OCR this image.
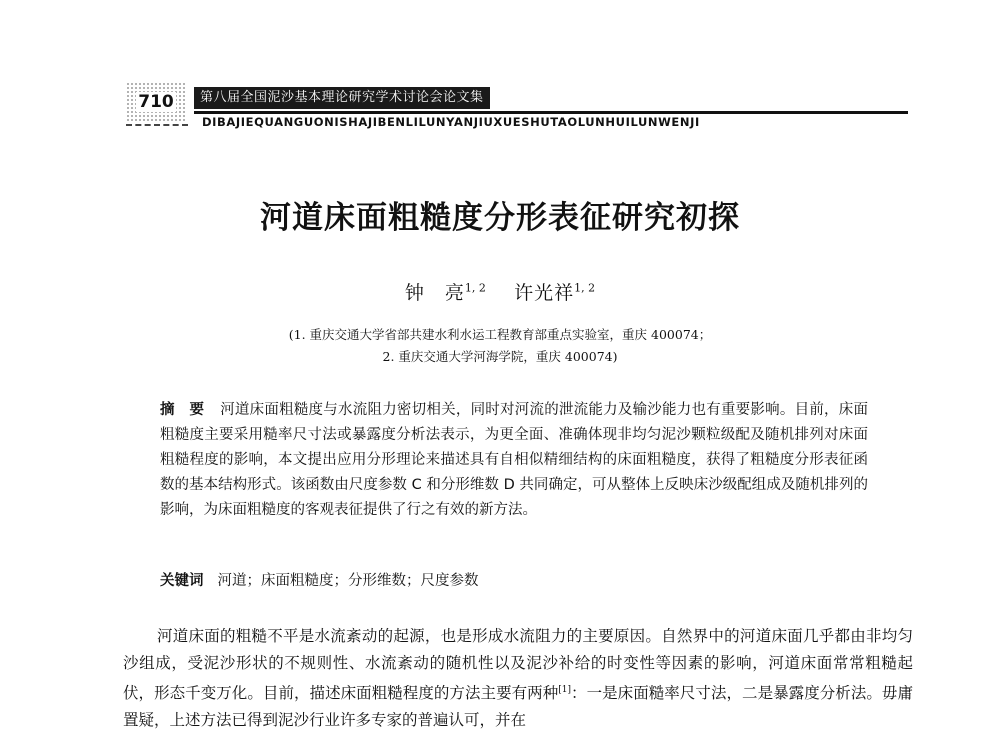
710	第八届全国泥沙基本理论研究学术讨论会论文集
DIBAJIEQUANGUONISHAJIBENLILUNYANJIUXUESHUTAOLUNHUILUNWENJI
河道床面粗糙度分形表征研究初探
钟　亮$^{1, 2}$ 许光祥$^{1, 2}$
(1. 重庆交通大学省部共建水利水运工程教育部重点实验室，重庆 400074；
2. 重庆交通大学河海学院，重庆 400074)
摘　要 河道床面粗糙度与水流阻力密切相关，同时对河流的泄流能力及输沙能力也有重要影响。目前，床面粗糙度主要采用糙率尺寸法或暴露度分析法表示，为更全面、准确体现非均匀泥沙颗粒级配及随机排列对床面粗糙程度的影响，本文提出应用分形理论来描述具有自相似精细结构的床面粗糙度，获得了粗糙度分形表征函数的基本结构形式。该函数由尺度参数 C 和分形维数 D 共同确定，可从整体上反映床沙级配组成及随机排列的影响，为床面粗糙度的客观表征提供了行之有效的新方法。
关键词 河道；床面粗糙度；分形维数；尺度参数
河道床面的粗糙不平是水流紊动的起源，也是形成水流阻力的主要原因。自然界中的河道床面几乎都由非均匀沙组成，受泥沙形状的不规则性、水流紊动的随机性以及泥沙补给的时变性等因素的影响，河道床面常常粗糙起伏，形态千变万化。目前，描述床面粗糙程度的方法主要有两种[1]：一是床面糙率尺寸法，二是暴露度分析法。毋庸置疑，上述方法已得到泥沙行业许多专家的普遍认可，并在
